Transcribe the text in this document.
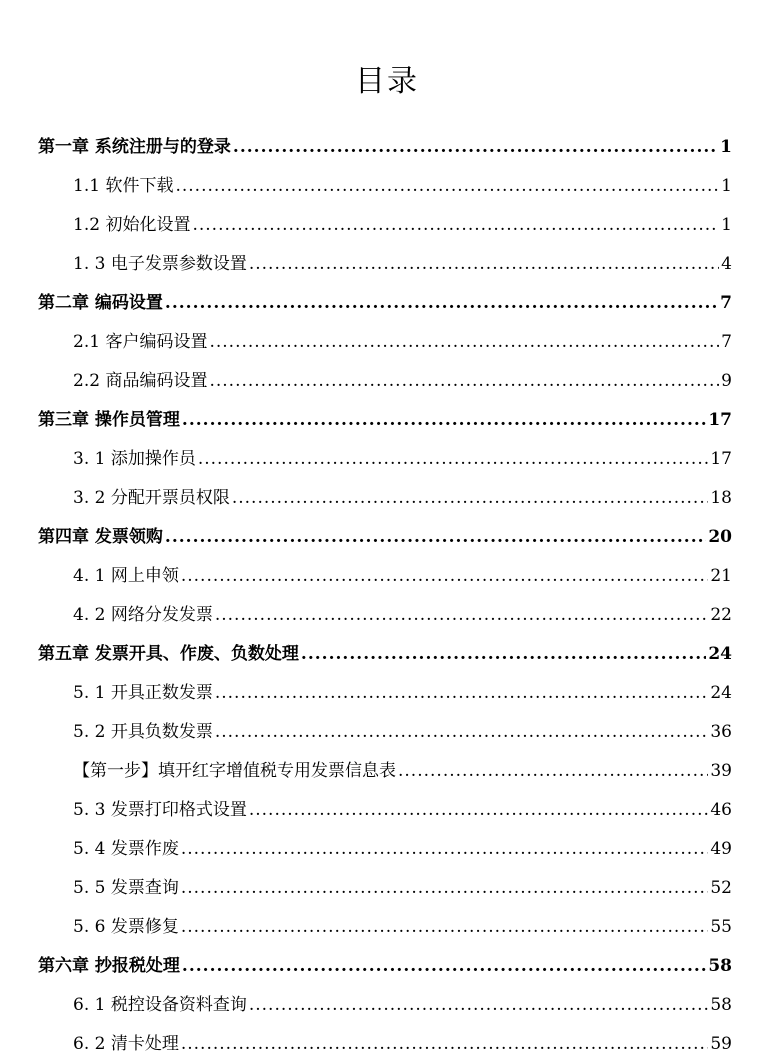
目录
第一章 系统注册与的登录 .....	1
1.1 软件下载 .....	1
1.2 初始化设置 .....	1
1. 3 电子发票参数设置 .....	4
第二章 编码设置 .....	7
2.1 客户编码设置 .....	7
2.2 商品编码设置 .....	9
第三章 操作员管理 .....	17
3. 1 添加操作员 .....	17
3. 2 分配开票员权限 .....	18
第四章 发票领购 .....	20
4. 1 网上申领 .....	21
4. 2 网络分发发票 .....	22
第五章 发票开具、作废、负数处理 .....	24
5. 1 开具正数发票 .....	24
5. 2 开具负数发票 .....	36
【第一步】填开红字增值税专用发票信息表 .....	39
5. 3 发票打印格式设置 .....	46
5. 4 发票作废 .....	49
5. 5 发票查询 .....	52
5. 6 发票修复 .....	55
第六章 抄报税处理 .....	58
6. 1 税控设备资料查询 .....	58
6. 2 清卡处理 .....	59
